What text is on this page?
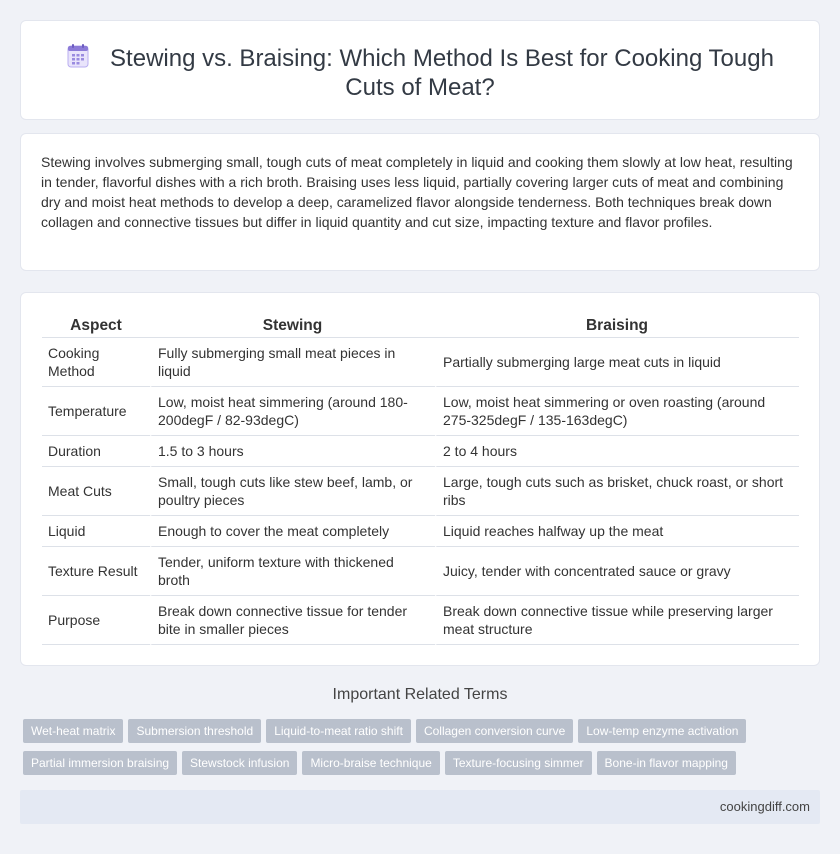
Stewing vs. Braising: Which Method Is Best for Cooking Tough Cuts of Meat?

Stewing involves submerging small, tough cuts of meat completely in liquid and cooking them slowly at low heat, resulting in tender, flavorful dishes with a rich broth. Braising uses less liquid, partially covering larger cuts of meat and combining dry and moist heat methods to develop a deep, caramelized flavor alongside tenderness. Both techniques break down collagen and connective tissues but differ in liquid quantity and cut size, impacting texture and flavor profiles.

Aspect	Stewing	Braising
Cooking Method	Fully submerging small meat pieces in liquid	Partially submerging large meat cuts in liquid
Temperature	Low, moist heat simmering (around 180-200degF / 82-93degC)	Low, moist heat simmering or oven roasting (around 275-325degF / 135-163degC)
Duration	1.5 to 3 hours	2 to 4 hours
Meat Cuts	Small, tough cuts like stew beef, lamb, or poultry pieces	Large, tough cuts such as brisket, chuck roast, or short ribs
Liquid	Enough to cover the meat completely	Liquid reaches halfway up the meat
Texture Result	Tender, uniform texture with thickened broth	Juicy, tender with concentrated sauce or gravy
Purpose	Break down connective tissue for tender bite in smaller pieces	Break down connective tissue while preserving larger meat structure
Important Related Terms
Wet-heat matrix Submersion threshold Liquid-to-meat ratio shift Collagen conversion curve Low-temp enzyme activation
Partial immersion braising Stewstock infusion Micro-braise technique Texture-focusing simmer Bone-in flavor mapping
cookingdiff.com
